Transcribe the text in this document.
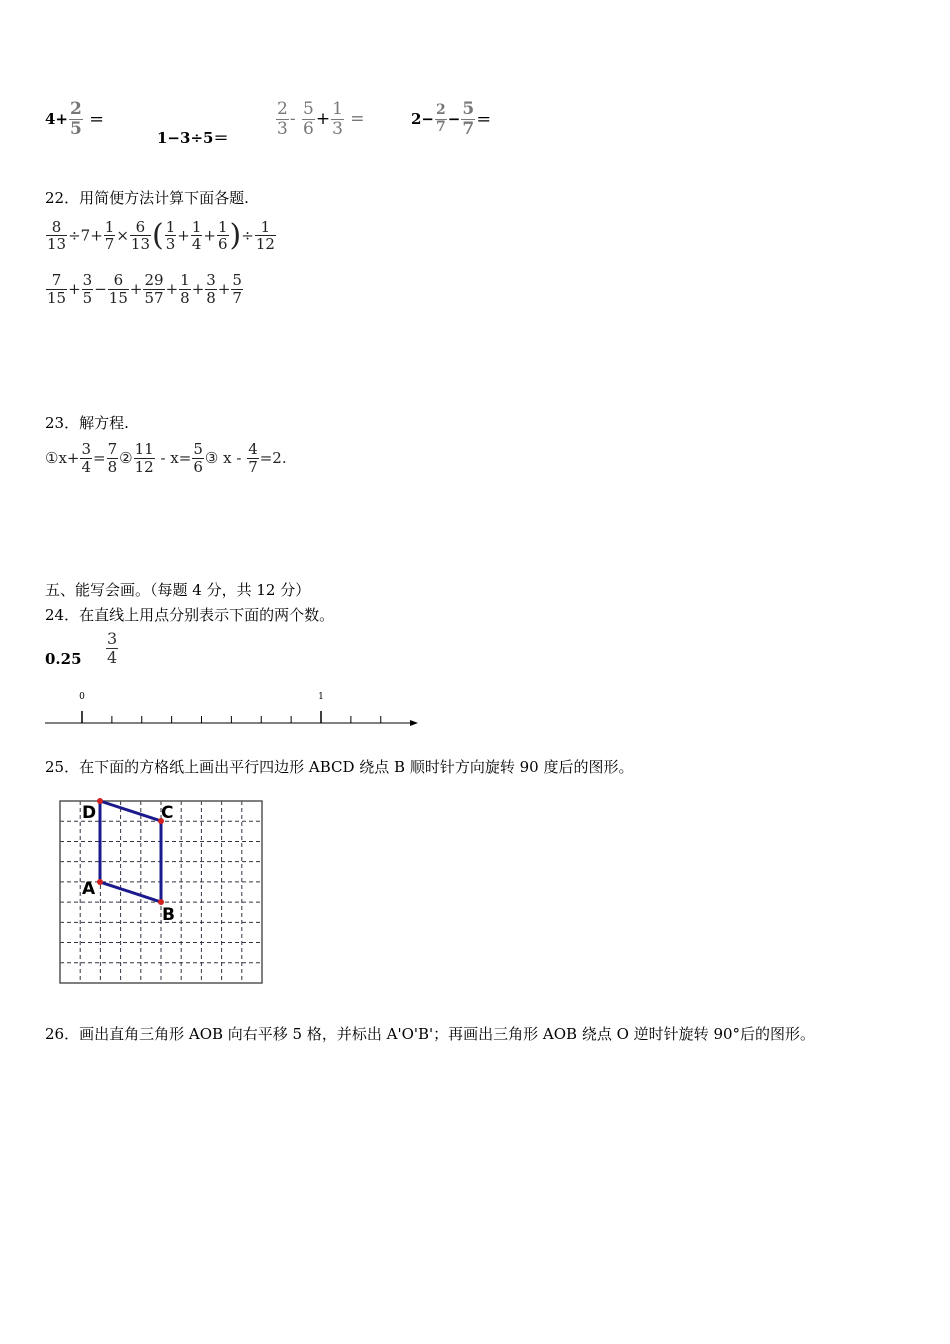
$4+ \frac{2}{5}$ ＝
1−3÷5＝	$\frac{2}{3} - \frac{5}{6} + \frac{1}{3}$ =	$2- \frac{2}{7} - \frac{5}{7}$ ＝
22．用简便方法计算下面各题.
$\frac{8}{13} \div 7+ \frac{1}{7} \times \frac{6}{13}$ ( $\frac{1}{3} + \frac{1}{4} + \frac{1}{6}$ )÷ $\frac{1}{12}$
$\frac{7}{15} + \frac{3}{5} - \frac{6}{15} + \frac{29}{57} + \frac{1}{8} + \frac{3}{8} + \frac{5}{7}$
23．解方程.
①x+ $\frac{3}{4} = \frac{7}{8}$ ② $\frac{11}{12} - x= \frac{5}{6}$ ③ $x - \frac{4}{7} =2$.
五、能写会画。（每题 4 分，共 12 分）
24．在直线上用点分别表示下面的两个数。
$0.25 \frac{3}{4}$
0	1
25．在下面的方格纸上画出平行四边形 ABCD 绕点 B 顺时针方向旋转 90 度后的图形。
D	C
A
B
26．画出直角三角形 AOB 向右平移 5 格，并标出 A'O'B'；再画出三角形 AOB 绕点 O 逆时针旋转 90°后的图形。
